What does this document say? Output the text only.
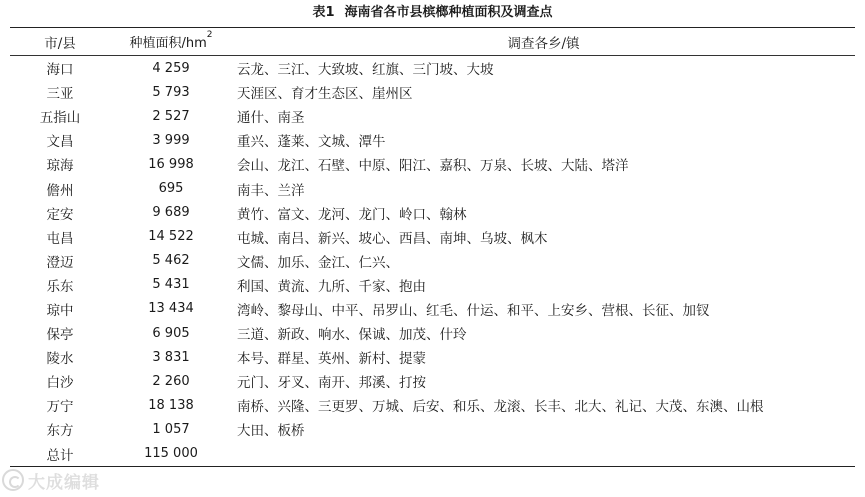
表1 海南省各市县槟榔种植面积及调查点
市/县	种植面积$/hm^2$	调查各乡/镇
海口	4 259	云龙、三江、大致坡、红旗、三门坡、大坡
三亚	5 793	天涯区、育才生态区、崖州区
五指山	2 527	通什、南圣
文昌	3 999	重兴、蓬莱、文城、潭牛
琼海	16 998	会山、龙江、石壁、中原、阳江、嘉积、万泉、长坡、大陆、塔洋
儋州	695	南丰、兰洋
定安	9 689	黄竹、富文、龙河、龙门、岭口、翰林
屯昌	14 522	屯城、南吕、新兴、坡心、西昌、南坤、乌坡、枫木
澄迈	5 462	文儒、加乐、金江、仁兴、
乐东	5 431	利国、黄流、九所、千家、抱由
琼中	13 434	湾岭、黎母山、中平、吊罗山、红毛、什运、和平、上安乡、营根、长征、加钗
保亭	6 905	三道、新政、响水、保诚、加茂、什玲
陵水	3 831	本号、群星、英州、新村、提蒙
白沙	2 260	元门、牙叉、南开、邦溪、打按
万宁	18 138	南桥、兴隆、三更罗、万城、后安、和乐、龙滚、长丰、北大、礼记、大茂、东澳、山根
东方	1 057	大田、板桥
总计	115 000	
大成编辑
